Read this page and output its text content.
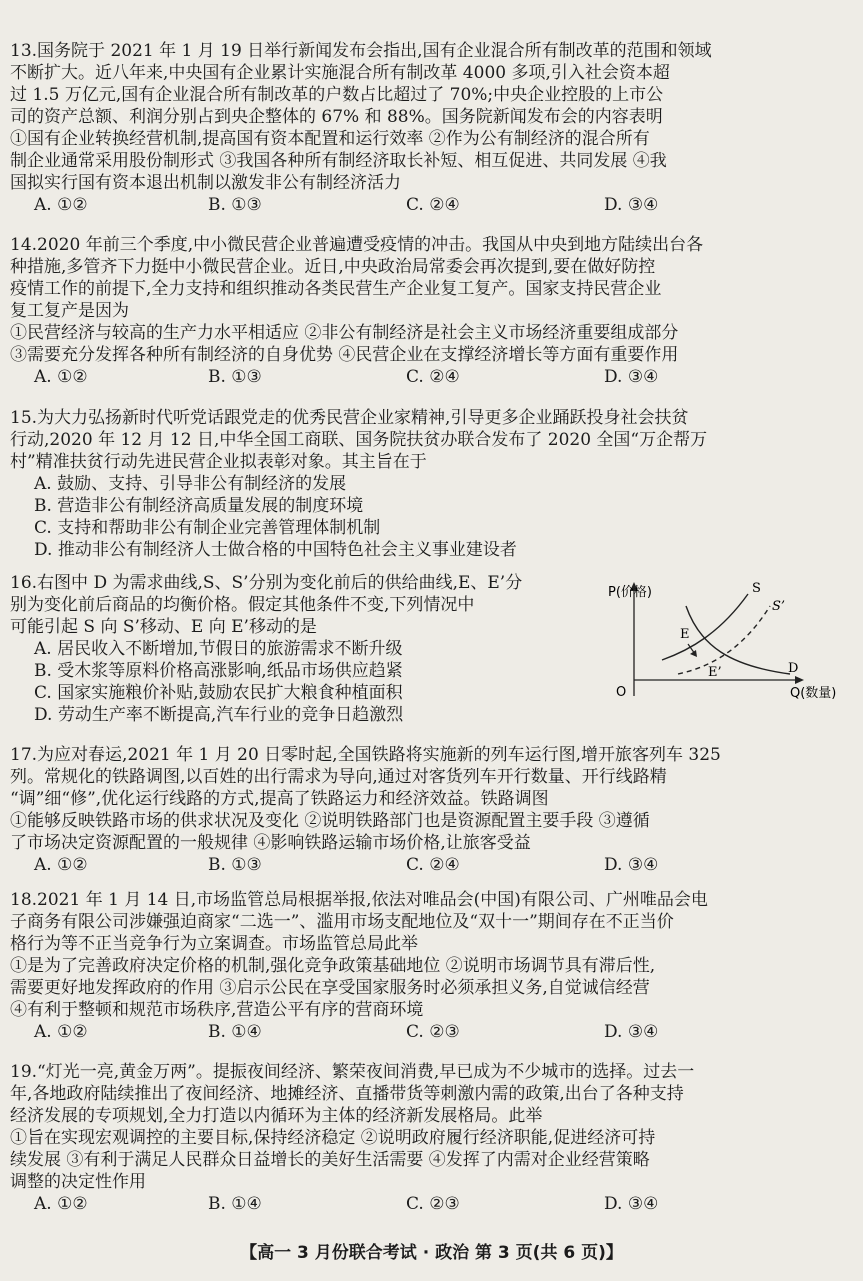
13.国务院于 2021 年 1 月 19 日举行新闻发布会指出,国有企业混合所有制改革的范围和领域
不断扩大。近八年来,中央国有企业累计实施混合所有制改革 4000 多项,引入社会资本超
过 1.5 万亿元,国有企业混合所有制改革的户数占比超过了 70%;中央企业控股的上市公
司的资产总额、利润分别占到央企整体的 67% 和 88%。国务院新闻发布会的内容表明
①国有企业转换经营机制,提高国有资本配置和运行效率 ②作为公有制经济的混合所有
制企业通常采用股份制形式 ③我国各种所有制经济取长补短、相互促进、共同发展 ④我
国拟实行国有资本退出机制以激发非公有制经济活力
A. ①②	B. ①③	C. ②④	D. ③④
14.2020 年前三个季度,中小微民营企业普遍遭受疫情的冲击。我国从中央到地方陆续出台各
种措施,多管齐下力挺中小微民营企业。近日,中央政治局常委会再次提到,要在做好防控
疫情工作的前提下,全力支持和组织推动各类民营生产企业复工复产。国家支持民营企业
复工复产是因为
①民营经济与较高的生产力水平相适应 ②非公有制经济是社会主义市场经济重要组成部分
③需要充分发挥各种所有制经济的自身优势 ④民营企业在支撑经济增长等方面有重要作用
A. ①②	B. ①③	C. ②④	D. ③④
15.为大力弘扬新时代听党话跟党走的优秀民营企业家精神,引导更多企业踊跃投身社会扶贫
行动,2020 年 12 月 12 日,中华全国工商联、国务院扶贫办联合发布了 2020 全国“万企帮万
村”精准扶贫行动先进民营企业拟表彰对象。其主旨在于
A. 鼓励、支持、引导非公有制经济的发展
B. 营造非公有制经济高质量发展的制度环境
C. 支持和帮助非公有制企业完善管理体制机制
D. 推动非公有制经济人士做合格的中国特色社会主义事业建设者
16.右图中 D 为需求曲线,S、S’分别为变化前后的供给曲线,E、E’分
别为变化前后商品的均衡价格。假定其他条件不变,下列情况中
可能引起 S 向 S’移动、E 向 E’移动的是
A. 居民收入不断增加,节假日的旅游需求不断升级
B. 受木浆等原料价格高涨影响,纸品市场供应趋紧
C. 国家实施粮价补贴,鼓励农民扩大粮食种植面积
D. 劳动生产率不断提高,汽车行业的竞争日趋激烈
P(价格)
Q(数量)
O
S
S’
D
E
E’
17.为应对春运,2021 年 1 月 20 日零时起,全国铁路将实施新的列车运行图,增开旅客列车 325
列。常规化的铁路调图,以百姓的出行需求为导向,通过对客货列车开行数量、开行线路精
“调”细“修”,优化运行线路的方式,提高了铁路运力和经济效益。铁路调图
①能够反映铁路市场的供求状况及变化 ②说明铁路部门也是资源配置主要手段 ③遵循
了市场决定资源配置的一般规律 ④影响铁路运输市场价格,让旅客受益
A. ①②	B. ①③	C. ②④	D. ③④
18.2021 年 1 月 14 日,市场监管总局根据举报,依法对唯品会(中国)有限公司、广州唯品会电
子商务有限公司涉嫌强迫商家“二选一”、滥用市场支配地位及“双十一”期间存在不正当价
格行为等不正当竞争行为立案调查。市场监管总局此举
①是为了完善政府决定价格的机制,强化竞争政策基础地位 ②说明市场调节具有滞后性,
需要更好地发挥政府的作用 ③启示公民在享受国家服务时必须承担义务,自觉诚信经营
④有利于整顿和规范市场秩序,营造公平有序的营商环境
A. ①②	B. ①④	C. ②③	D. ③④
19.“灯光一亮,黄金万两”。提振夜间经济、繁荣夜间消费,早已成为不少城市的选择。过去一
年,各地政府陆续推出了夜间经济、地摊经济、直播带货等刺激内需的政策,出台了各种支持
经济发展的专项规划,全力打造以内循环为主体的经济新发展格局。此举
①旨在实现宏观调控的主要目标,保持经济稳定 ②说明政府履行经济职能,促进经济可持
续发展 ③有利于满足人民群众日益增长的美好生活需要 ④发挥了内需对企业经营策略
调整的决定性作用
A. ①②	B. ①④	C. ②③	D. ③④
【高一 3 月份联合考试 · 政治 第 3 页(共 6 页)】
